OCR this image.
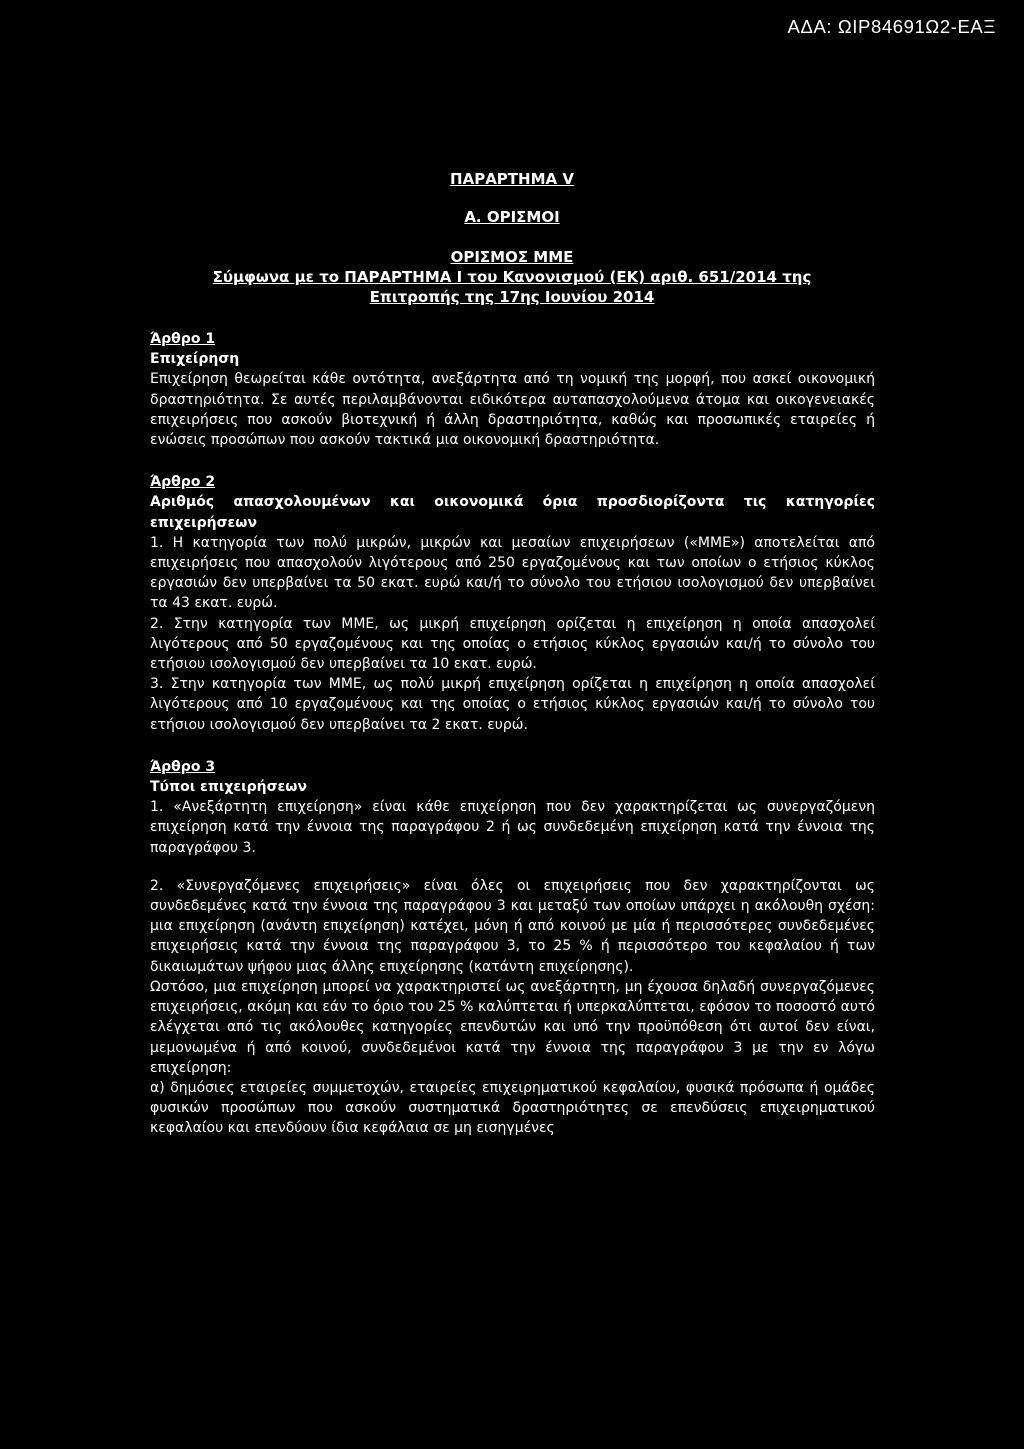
ΑΔΑ: ΩΙΡ84691Ω2-ΕΑΞ
ΠΑΡΑΡΤΗΜΑ V
Α. ΟΡΙΣΜΟΙ
ΟΡΙΣΜΟΣ ΜΜΕ
Σύμφωνα με το ΠΑΡΑΡΤΗΜΑ I του Κανονισμού (ΕΚ) αριθ. 651/2014 της
Επιτροπής της 17ης Ιουνίου 2014

Άρθρο 1

Επιχείρηση

Επιχείρηση θεωρείται κάθε οντότητα, ανεξάρτητα από τη νομική της μορφή, που ασκεί οικονομική δραστηριότητα. Σε αυτές περιλαμβάνονται ειδικότερα αυταπασχολούμενα άτομα και οικογενειακές επιχειρήσεις που ασκούν βιοτεχνική ή άλλη δραστηριότητα, καθώς και προσωπικές εταιρείες ή ενώσεις προσώπων που ασκούν τακτικά μια οικονομική δραστηριότητα.

Άρθρο 2

Αριθμός απασχολουμένων και οικονομικά όρια προσδιορίζοντα τις κατηγορίες επιχειρήσεων

1. Η κατηγορία των πολύ μικρών, μικρών και μεσαίων επιχειρήσεων («ΜΜΕ») αποτελείται από επιχειρήσεις που απασχολούν λιγότερους από 250 εργαζομένους και των οποίων ο ετήσιος κύκλος εργασιών δεν υπερβαίνει τα 50 εκατ. ευρώ και/ή το σύνολο του ετήσιου ισολογισμού δεν υπερβαίνει τα 43 εκατ. ευρώ.

2. Στην κατηγορία των ΜΜΕ, ως μικρή επιχείρηση ορίζεται η επιχείρηση η οποία απασχολεί λιγότερους από 50 εργαζομένους και της οποίας ο ετήσιος κύκλος εργασιών και/ή το σύνολο του ετήσιου ισολογισμού δεν υπερβαίνει τα 10 εκατ. ευρώ.

3. Στην κατηγορία των ΜΜΕ, ως πολύ μικρή επιχείρηση ορίζεται η επιχείρηση η οποία απασχολεί λιγότερους από 10 εργαζομένους και της οποίας ο ετήσιος κύκλος εργασιών και/ή το σύνολο του ετήσιου ισολογισμού δεν υπερβαίνει τα 2 εκατ. ευρώ.

Άρθρο 3

Τύποι επιχειρήσεων

1. «Ανεξάρτητη επιχείρηση» είναι κάθε επιχείρηση που δεν χαρακτηρίζεται ως συνεργαζόμενη επιχείρηση κατά την έννοια της παραγράφου 2 ή ως συνδεδεμένη επιχείρηση κατά την έννοια της παραγράφου 3.

2. «Συνεργαζόμενες επιχειρήσεις» είναι όλες οι επιχειρήσεις που δεν χαρακτηρίζονται ως συνδεδεμένες κατά την έννοια της παραγράφου 3 και μεταξύ των οποίων υπάρχει η ακόλουθη σχέση: μια επιχείρηση (ανάντη επιχείρηση) κατέχει, μόνη ή από κοινού με μία ή περισσότερες συνδεδεμένες επιχειρήσεις κατά την έννοια της παραγράφου 3, το 25 % ή περισσότερο του κεφαλαίου ή των δικαιωμάτων ψήφου μιας άλλης επιχείρησης (κατάντη επιχείρησης).

Ωστόσο, μια επιχείρηση μπορεί να χαρακτηριστεί ως ανεξάρτητη, μη έχουσα δηλαδή συνεργαζόμενες επιχειρήσεις, ακόμη και εάν το όριο του 25 % καλύπτεται ή υπερκαλύπτεται, εφόσον το ποσοστό αυτό ελέγχεται από τις ακόλουθες κατηγορίες επενδυτών και υπό την προϋπόθεση ότι αυτοί δεν είναι, μεμονωμένα ή από κοινού, συνδεδεμένοι κατά την έννοια της παραγράφου 3 με την εν λόγω επιχείρηση:

α) δημόσιες εταιρείες συμμετοχών, εταιρείες επιχειρηματικού κεφαλαίου, φυσικά πρόσωπα ή ομάδες φυσικών προσώπων που ασκούν συστηματικά δραστηριότητες σε επενδύσεις επιχειρηματικού κεφαλαίου και επενδύουν ίδια κεφάλαια σε μη εισηγμένες
